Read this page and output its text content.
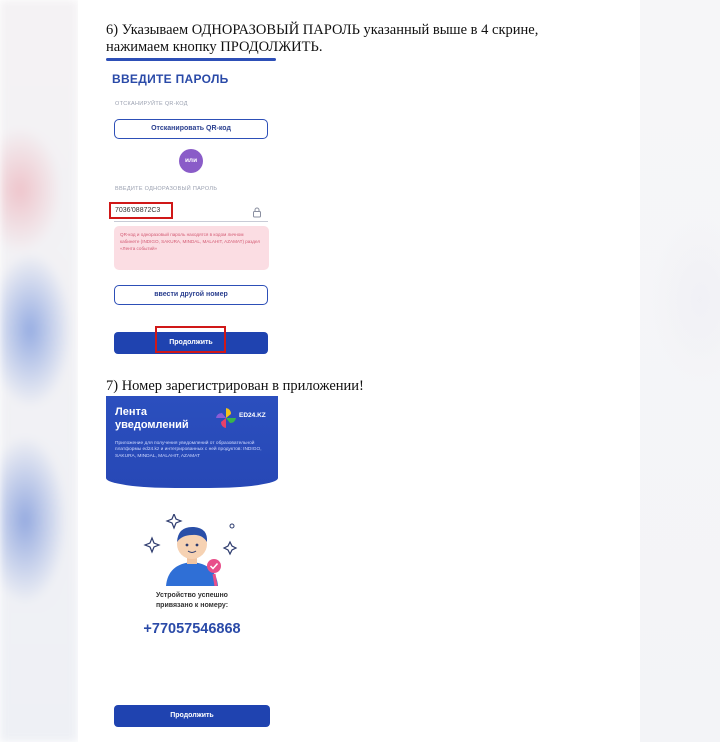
6) Указываем ОДНОРАЗОВЫЙ ПАРОЛЬ указанный выше в 4 скрине,
нажимаем кнопку ПРОДОЛЖИТЬ.
ВВЕДИТЕ ПАРОЛЬ
ОТСКАНИРУЙТЕ QR-КОД
Отсканировать QR-код
или
ВВЕДИТЕ ОДНОРАЗОВЫЙ ПАРОЛЬ
7036'08872С3
QR-код и одноразовый пароль находятся в кодом личном кабинете (INDIGO, SAKURA, MINDAL, MALAHIT, AZAMAT) раздел «Лента событий»
ввести другой номер
Продолжить
7) Номер зарегистрирован в приложении!
Лента уведомлений
ED24.KZ
Приложение для получения уведомлений от образовательной платформы ed24.kz и интегрированных с ней продуктов: INDIGO, SAKURA, MINDAL, MALAHIT, AZAMAT
Устройство успешно
привязано к номеру:
+77057546868
Продолжить
